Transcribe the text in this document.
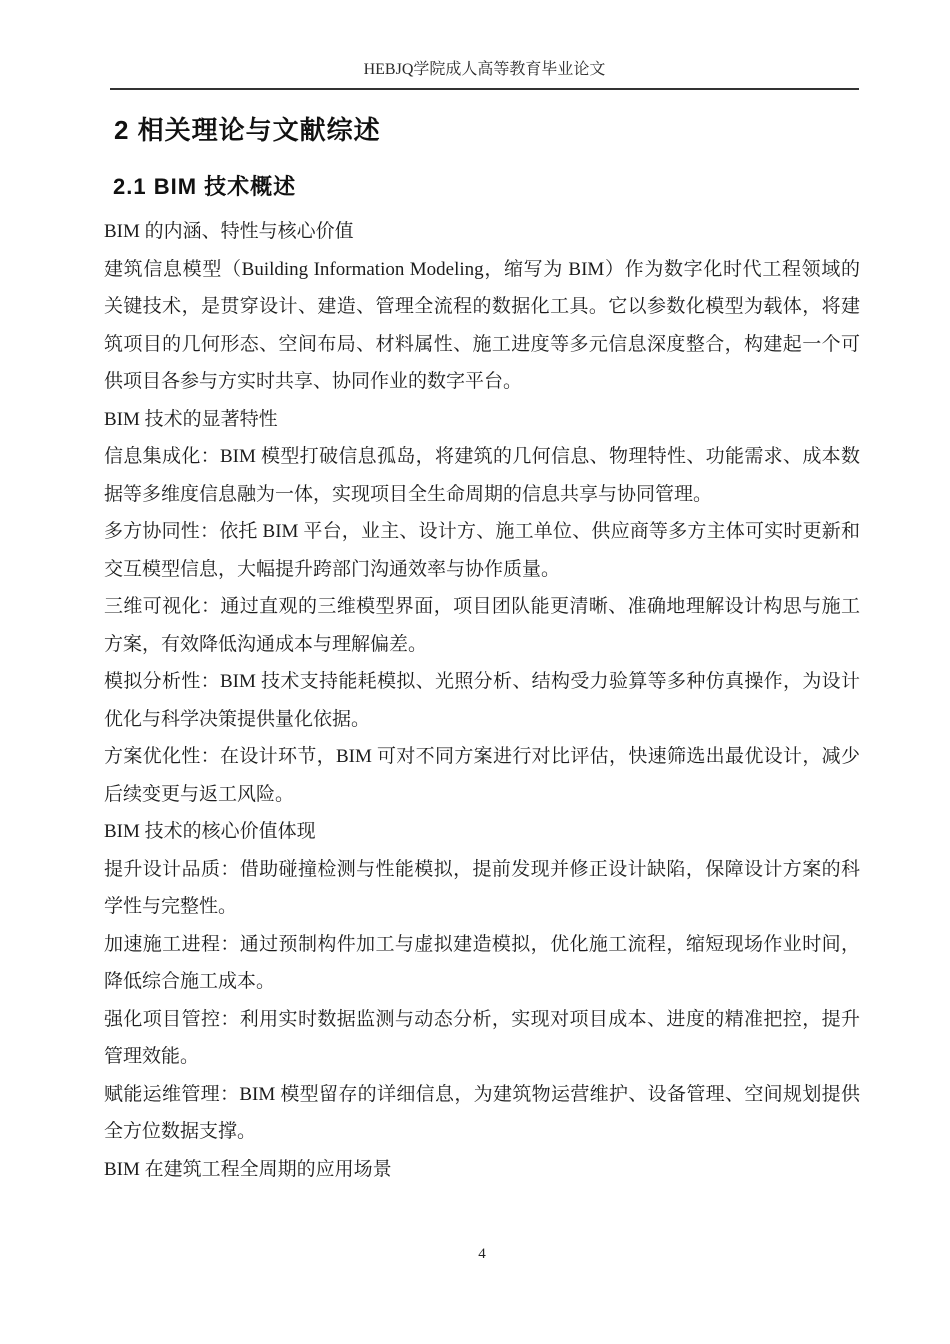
HEBJQ学院成人高等教育毕业论文
2 相关理论与文献综述
2.1 BIM 技术概述

BIM 的内涵、特性与核心价值

建筑信息模型（Building Information Modeling，缩写为 BIM）作为数字化时代工程领域的关键技术，是贯穿设计、建造、管理全流程的数据化工具。它以参数化模型为载体，将建筑项目的几何形态、空间布局、材料属性、施工进度等多元信息深度整合，构建起一个可供项目各参与方实时共享、协同作业的数字平台。

BIM 技术的显著特性

信息集成化：BIM 模型打破信息孤岛，将建筑的几何信息、物理特性、功能需求、成本数据等多维度信息融为一体，实现项目全生命周期的信息共享与协同管理。

多方协同性：依托 BIM 平台，业主、设计方、施工单位、供应商等多方主体可实时更新和交互模型信息，大幅提升跨部门沟通效率与协作质量。

三维可视化：通过直观的三维模型界面，项目团队能更清晰、准确地理解设计构思与施工方案，有效降低沟通成本与理解偏差。

模拟分析性：BIM 技术支持能耗模拟、光照分析、结构受力验算等多种仿真操作，为设计优化与科学决策提供量化依据。

方案优化性：在设计环节，BIM 可对不同方案进行对比评估，快速筛选出最优设计，减少后续变更与返工风险。

BIM 技术的核心价值体现

提升设计品质：借助碰撞检测与性能模拟，提前发现并修正设计缺陷，保障设计方案的科学性与完整性。

加速施工进程：通过预制构件加工与虚拟建造模拟，优化施工流程，缩短现场作业时间，降低综合施工成本。

强化项目管控：利用实时数据监测与动态分析，实现对项目成本、进度的精准把控，提升管理效能。

赋能运维管理：BIM 模型留存的详细信息，为建筑物运营维护、设备管理、空间规划提供全方位数据支撑。

BIM 在建筑工程全周期的应用场景

4
